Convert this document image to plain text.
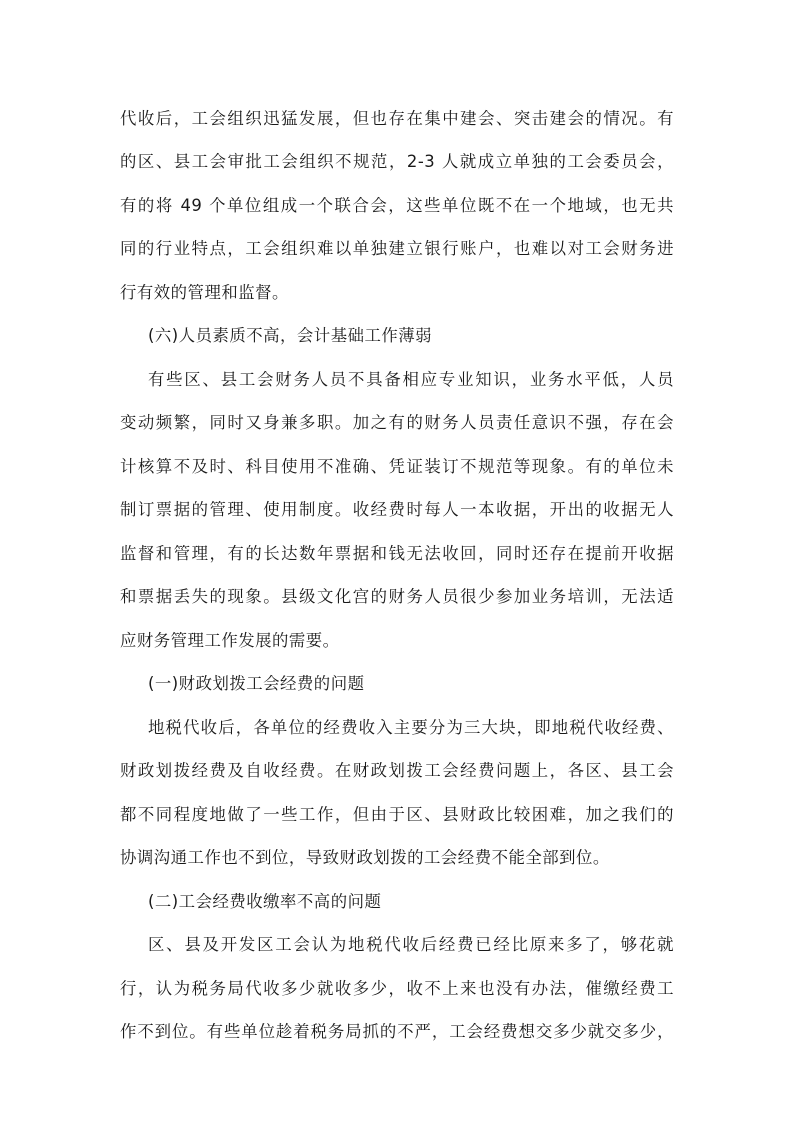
代收后，工会组织迅猛发展，但也存在集中建会、突击建会的情况。有
的区、县工会审批工会组织不规范，2-3 人就成立单独的工会委员会，
有的将 49 个单位组成一个联合会，这些单位既不在一个地域，也无共
同的行业特点，工会组织难以单独建立银行账户，也难以对工会财务进
行有效的管理和监督。
(六)人员素质不高，会计基础工作薄弱
有些区、县工会财务人员不具备相应专业知识，业务水平低，人员
变动频繁，同时又身兼多职。加之有的财务人员责任意识不强，存在会
计核算不及时、科目使用不准确、凭证装订不规范等现象。有的单位未
制订票据的管理、使用制度。收经费时每人一本收据，开出的收据无人
监督和管理，有的长达数年票据和钱无法收回，同时还存在提前开收据
和票据丢失的现象。县级文化宫的财务人员很少参加业务培训，无法适
应财务管理工作发展的需要。
(一)财政划拨工会经费的问题
地税代收后，各单位的经费收入主要分为三大块，即地税代收经费、
财政划拨经费及自收经费。在财政划拨工会经费问题上，各区、县工会
都不同程度地做了一些工作，但由于区、县财政比较困难，加之我们的
协调沟通工作也不到位，导致财政划拨的工会经费不能全部到位。
(二)工会经费收缴率不高的问题
区、县及开发区工会认为地税代收后经费已经比原来多了，够花就
行，认为税务局代收多少就收多少，收不上来也没有办法，催缴经费工
作不到位。有些单位趁着税务局抓的不严，工会经费想交多少就交多少，
